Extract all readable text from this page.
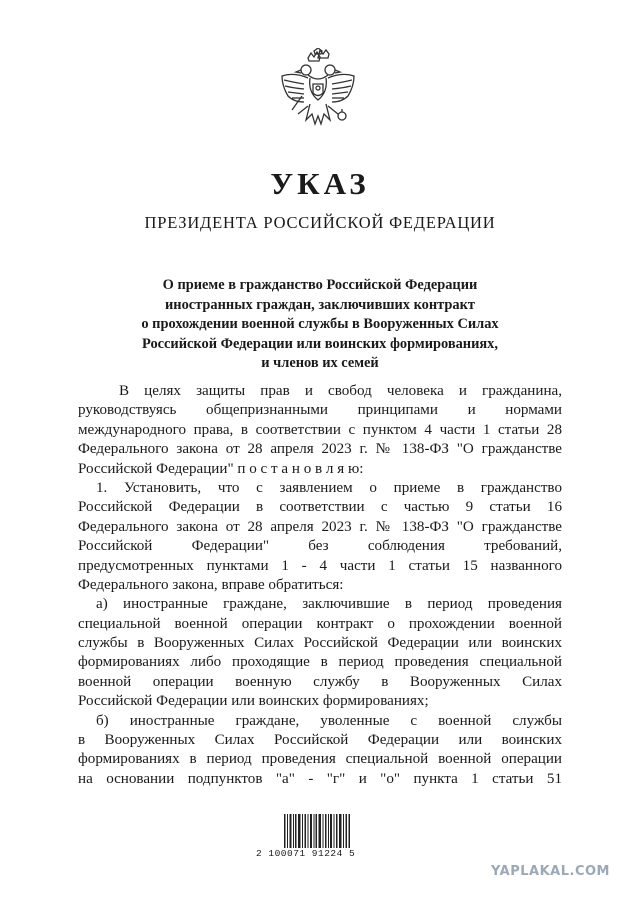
УКАЗ
ПРЕЗИДЕНТА РОССИЙСКОЙ ФЕДЕРАЦИИ
О приеме в гражданство Российской Федерации
иностранных граждан, заключивших контракт
о прохождении военной службы в Вооруженных Силах
Российской Федерации или воинских формированиях,
и членов их семей
В целях защиты прав и свобод человека и гражданина,
руководствуясь общепризнанными принципами и нормами
международного права, в соответствии с пунктом 4 части 1 статьи 28
Федерального закона от 28 апреля 2023 г. № 138-ФЗ "О гражданстве
Российской Федерации" п о с т а н о в л я ю:
1. Установить, что с заявлением о приеме в гражданство
Российской Федерации в соответствии с частью 9 статьи 16
Федерального закона от 28 апреля 2023 г. № 138-ФЗ "О гражданстве
Российской Федерации" без соблюдения требований,
предусмотренных пунктами 1 - 4 части 1 статьи 15 названного
Федерального закона, вправе обратиться:
а) иностранные граждане, заключившие в период проведения
специальной военной операции контракт о прохождении военной
службы в Вооруженных Силах Российской Федерации или воинских
формированиях либо проходящие в период проведения специальной
военной операции военную службу в Вооруженных Силах
Российской Федерации или воинских формированиях;
б) иностранные граждане, уволенные с военной службы
в Вооруженных Силах Российской Федерации или воинских
формированиях в период проведения специальной военной операции
на основании подпунктов "а" - "г" и "о" пункта 1 статьи 51
2 100071 91224 5
YAPLAKAL.COM
